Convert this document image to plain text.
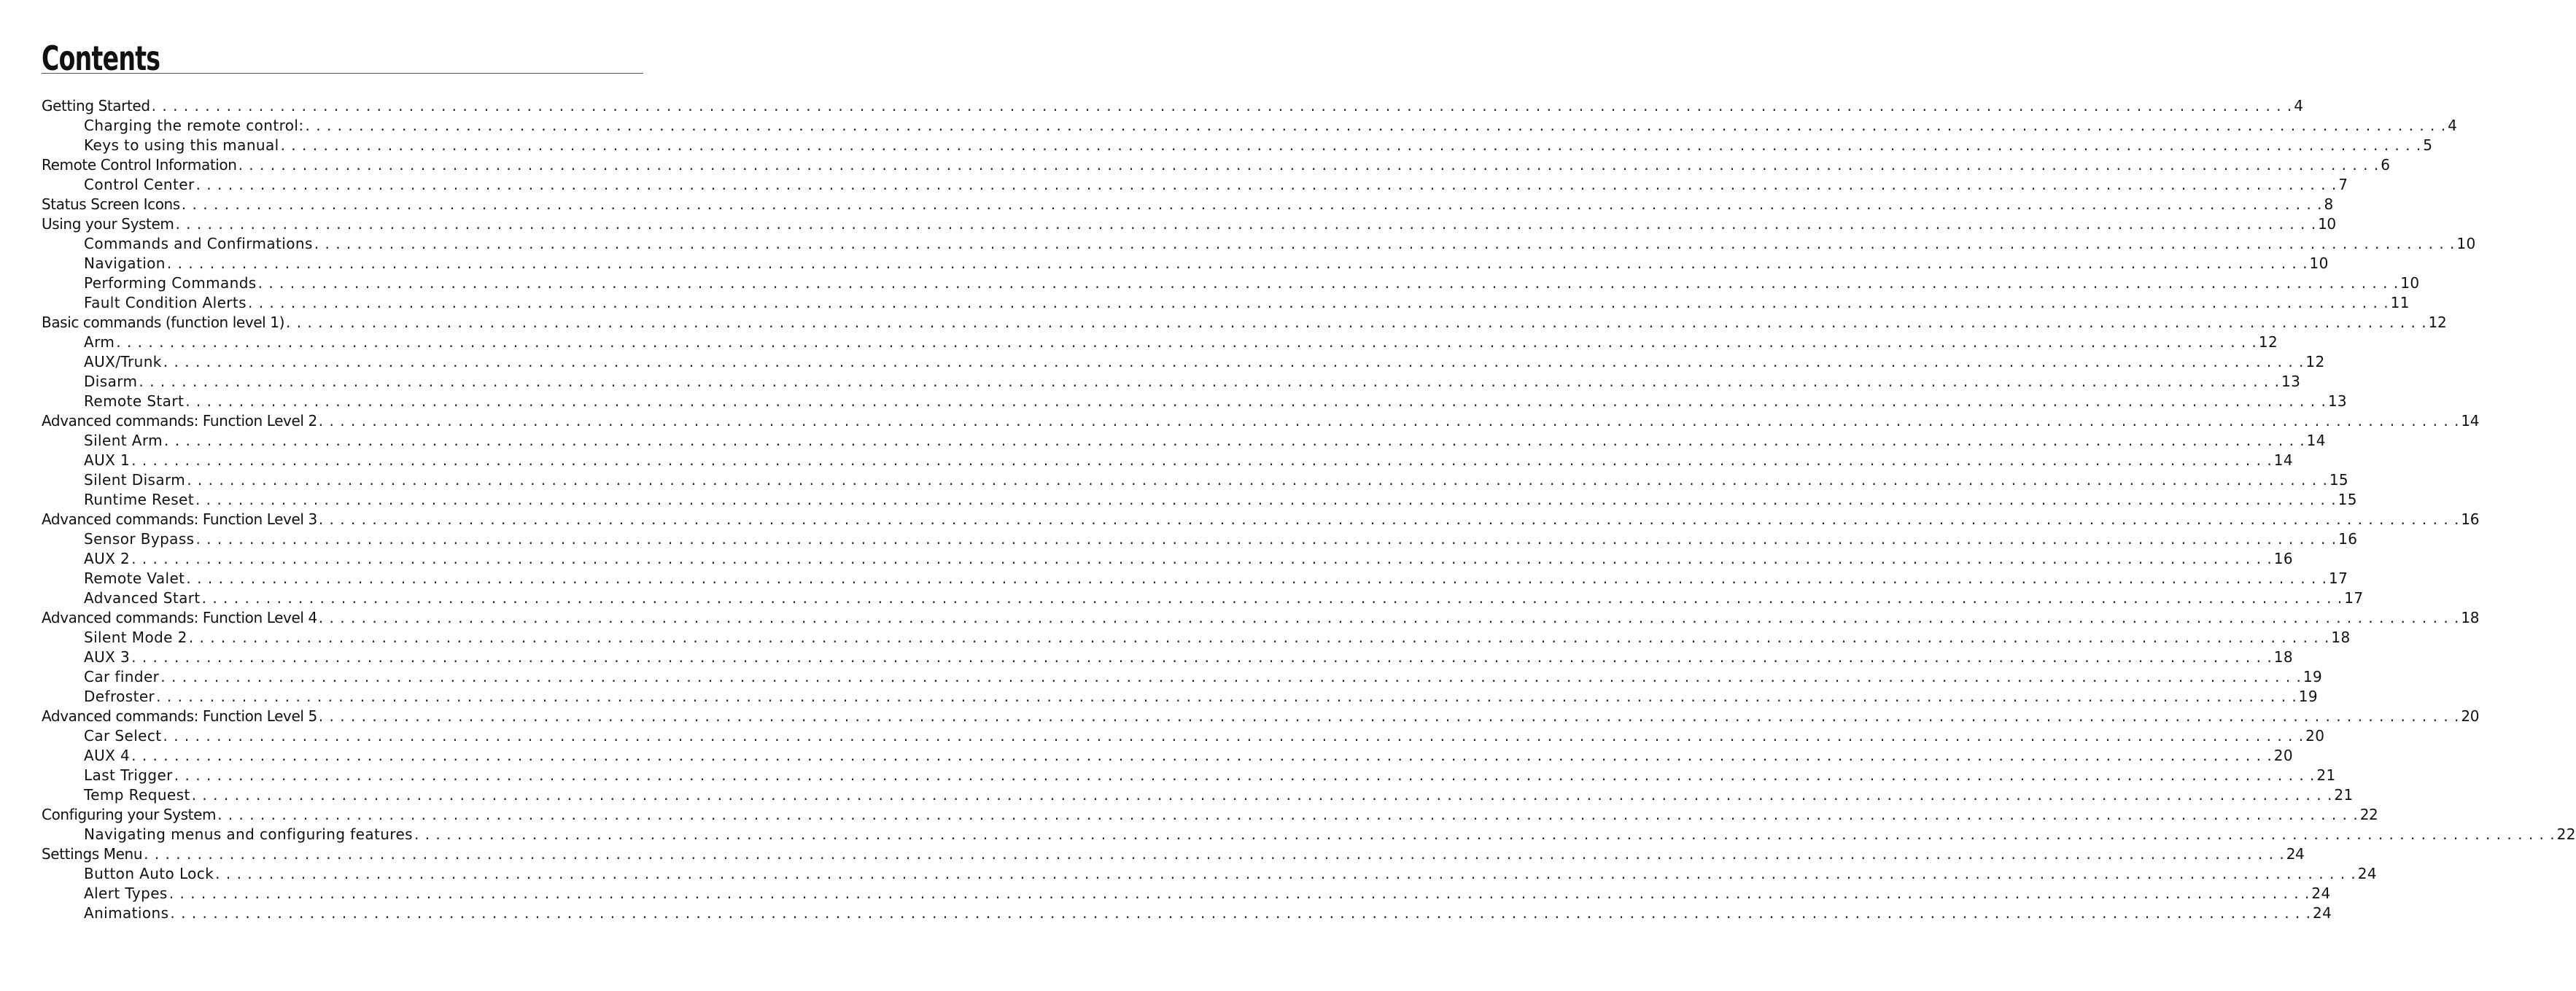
Contents
Getting Started . . . . . . . . . . . . . . . . . . . . . . . . . . . . . . . . . . . . . . . . . . . . . . . . . . . . . . . . . . . . . . . . . . . . . . . . . . . . . . . . . . . . . . . . . . . . . . . . . . . . . . . . . . . . . . . . . . . . . . . . . . . . . . . . . . . . . . . . . . . . . . . . . . . . . . . . . . . . . . . . . . . . . . . . . . . . . . . . . . . . . . . . . . . . . . . . . . . . . . . . 4
Charging the remote control: . . . . . . . . . . . . . . . . . . . . . . . . . . . . . . . . . . . . . . . . . . . . . . . . . . . . . . . . . . . . . . . . . . . . . . . . . . . . . . . . . . . . . . . . . . . . . . . . . . . . . . . . . . . . . . . . . . . . . . . . . . . . . . . . . . . . . . . . . . . . . . . . . . . . . . . . . . . . . . . . . . . . . . . . . . . . . . . . . . . . . . . . . . . . . . . . . . . . . . . . 4
Keys to using this manual . . . . . . . . . . . . . . . . . . . . . . . . . . . . . . . . . . . . . . . . . . . . . . . . . . . . . . . . . . . . . . . . . . . . . . . . . . . . . . . . . . . . . . . . . . . . . . . . . . . . . . . . . . . . . . . . . . . . . . . . . . . . . . . . . . . . . . . . . . . . . . . . . . . . . . . . . . . . . . . . . . . . . . . . . . . . . . . . . . . . . . . . . . . . . . . . . . . . . . . . 5
Remote Control Information . . . . . . . . . . . . . . . . . . . . . . . . . . . . . . . . . . . . . . . . . . . . . . . . . . . . . . . . . . . . . . . . . . . . . . . . . . . . . . . . . . . . . . . . . . . . . . . . . . . . . . . . . . . . . . . . . . . . . . . . . . . . . . . . . . . . . . . . . . . . . . . . . . . . . . . . . . . . . . . . . . . . . . . . . . . . . . . . . . . . . . . . . . . . . . . . . . . . . . . . 6
Control Center . . . . . . . . . . . . . . . . . . . . . . . . . . . . . . . . . . . . . . . . . . . . . . . . . . . . . . . . . . . . . . . . . . . . . . . . . . . . . . . . . . . . . . . . . . . . . . . . . . . . . . . . . . . . . . . . . . . . . . . . . . . . . . . . . . . . . . . . . . . . . . . . . . . . . . . . . . . . . . . . . . . . . . . . . . . . . . . . . . . . . . . . . . . . . . . . . . . . . . . . 7
Status Screen Icons . . . . . . . . . . . . . . . . . . . . . . . . . . . . . . . . . . . . . . . . . . . . . . . . . . . . . . . . . . . . . . . . . . . . . . . . . . . . . . . . . . . . . . . . . . . . . . . . . . . . . . . . . . . . . . . . . . . . . . . . . . . . . . . . . . . . . . . . . . . . . . . . . . . . . . . . . . . . . . . . . . . . . . . . . . . . . . . . . . . . . . . . . . . . . . . . . . . . . . . . 8
Using your System . . . . . . . . . . . . . . . . . . . . . . . . . . . . . . . . . . . . . . . . . . . . . . . . . . . . . . . . . . . . . . . . . . . . . . . . . . . . . . . . . . . . . . . . . . . . . . . . . . . . . . . . . . . . . . . . . . . . . . . . . . . . . . . . . . . . . . . . . . . . . . . . . . . . . . . . . . . . . . . . . . . . . . . . . . . . . . . . . . . . . . . . . . . . . . . . . . . . . . . . 10
Commands and Confirmations . . . . . . . . . . . . . . . . . . . . . . . . . . . . . . . . . . . . . . . . . . . . . . . . . . . . . . . . . . . . . . . . . . . . . . . . . . . . . . . . . . . . . . . . . . . . . . . . . . . . . . . . . . . . . . . . . . . . . . . . . . . . . . . . . . . . . . . . . . . . . . . . . . . . . . . . . . . . . . . . . . . . . . . . . . . . . . . . . . . . . . . . . . . . . . . . . . . . . . . . 10
Navigation . . . . . . . . . . . . . . . . . . . . . . . . . . . . . . . . . . . . . . . . . . . . . . . . . . . . . . . . . . . . . . . . . . . . . . . . . . . . . . . . . . . . . . . . . . . . . . . . . . . . . . . . . . . . . . . . . . . . . . . . . . . . . . . . . . . . . . . . . . . . . . . . . . . . . . . . . . . . . . . . . . . . . . . . . . . . . . . . . . . . . . . . . . . . . . . . . . . . . . . . 10
Performing Commands . . . . . . . . . . . . . . . . . . . . . . . . . . . . . . . . . . . . . . . . . . . . . . . . . . . . . . . . . . . . . . . . . . . . . . . . . . . . . . . . . . . . . . . . . . . . . . . . . . . . . . . . . . . . . . . . . . . . . . . . . . . . . . . . . . . . . . . . . . . . . . . . . . . . . . . . . . . . . . . . . . . . . . . . . . . . . . . . . . . . . . . . . . . . . . . . . . . . . . . . 10
Fault Condition Alerts . . . . . . . . . . . . . . . . . . . . . . . . . . . . . . . . . . . . . . . . . . . . . . . . . . . . . . . . . . . . . . . . . . . . . . . . . . . . . . . . . . . . . . . . . . . . . . . . . . . . . . . . . . . . . . . . . . . . . . . . . . . . . . . . . . . . . . . . . . . . . . . . . . . . . . . . . . . . . . . . . . . . . . . . . . . . . . . . . . . . . . . . . . . . . . . . . . . . . . . . 11
Basic commands (function level 1) . . . . . . . . . . . . . . . . . . . . . . . . . . . . . . . . . . . . . . . . . . . . . . . . . . . . . . . . . . . . . . . . . . . . . . . . . . . . . . . . . . . . . . . . . . . . . . . . . . . . . . . . . . . . . . . . . . . . . . . . . . . . . . . . . . . . . . . . . . . . . . . . . . . . . . . . . . . . . . . . . . . . . . . . . . . . . . . . . . . . . . . . . . . . . . . . . . . . . . . . 12
Arm . . . . . . . . . . . . . . . . . . . . . . . . . . . . . . . . . . . . . . . . . . . . . . . . . . . . . . . . . . . . . . . . . . . . . . . . . . . . . . . . . . . . . . . . . . . . . . . . . . . . . . . . . . . . . . . . . . . . . . . . . . . . . . . . . . . . . . . . . . . . . . . . . . . . . . . . . . . . . . . . . . . . . . . . . . . . . . . . . . . . . . . . . . . . . . . . . . . . . . . . 12
AUX/Trunk . . . . . . . . . . . . . . . . . . . . . . . . . . . . . . . . . . . . . . . . . . . . . . . . . . . . . . . . . . . . . . . . . . . . . . . . . . . . . . . . . . . . . . . . . . . . . . . . . . . . . . . . . . . . . . . . . . . . . . . . . . . . . . . . . . . . . . . . . . . . . . . . . . . . . . . . . . . . . . . . . . . . . . . . . . . . . . . . . . . . . . . . . . . . . . . . . . . . . . . . 12
Disarm . . . . . . . . . . . . . . . . . . . . . . . . . . . . . . . . . . . . . . . . . . . . . . . . . . . . . . . . . . . . . . . . . . . . . . . . . . . . . . . . . . . . . . . . . . . . . . . . . . . . . . . . . . . . . . . . . . . . . . . . . . . . . . . . . . . . . . . . . . . . . . . . . . . . . . . . . . . . . . . . . . . . . . . . . . . . . . . . . . . . . . . . . . . . . . . . . . . . . . . . 13
Remote Start . . . . . . . . . . . . . . . . . . . . . . . . . . . . . . . . . . . . . . . . . . . . . . . . . . . . . . . . . . . . . . . . . . . . . . . . . . . . . . . . . . . . . . . . . . . . . . . . . . . . . . . . . . . . . . . . . . . . . . . . . . . . . . . . . . . . . . . . . . . . . . . . . . . . . . . . . . . . . . . . . . . . . . . . . . . . . . . . . . . . . . . . . . . . . . . . . . . . . . . . 13
Advanced commands: Function Level 2 . . . . . . . . . . . . . . . . . . . . . . . . . . . . . . . . . . . . . . . . . . . . . . . . . . . . . . . . . . . . . . . . . . . . . . . . . . . . . . . . . . . . . . . . . . . . . . . . . . . . . . . . . . . . . . . . . . . . . . . . . . . . . . . . . . . . . . . . . . . . . . . . . . . . . . . . . . . . . . . . . . . . . . . . . . . . . . . . . . . . . . . . . . . . . . . . . . . . . . . . 14
Silent Arm . . . . . . . . . . . . . . . . . . . . . . . . . . . . . . . . . . . . . . . . . . . . . . . . . . . . . . . . . . . . . . . . . . . . . . . . . . . . . . . . . . . . . . . . . . . . . . . . . . . . . . . . . . . . . . . . . . . . . . . . . . . . . . . . . . . . . . . . . . . . . . . . . . . . . . . . . . . . . . . . . . . . . . . . . . . . . . . . . . . . . . . . . . . . . . . . . . . . . . . . 14
AUX 1 . . . . . . . . . . . . . . . . . . . . . . . . . . . . . . . . . . . . . . . . . . . . . . . . . . . . . . . . . . . . . . . . . . . . . . . . . . . . . . . . . . . . . . . . . . . . . . . . . . . . . . . . . . . . . . . . . . . . . . . . . . . . . . . . . . . . . . . . . . . . . . . . . . . . . . . . . . . . . . . . . . . . . . . . . . . . . . . . . . . . . . . . . . . . . . . . . . . . . . . . 14
Silent Disarm . . . . . . . . . . . . . . . . . . . . . . . . . . . . . . . . . . . . . . . . . . . . . . . . . . . . . . . . . . . . . . . . . . . . . . . . . . . . . . . . . . . . . . . . . . . . . . . . . . . . . . . . . . . . . . . . . . . . . . . . . . . . . . . . . . . . . . . . . . . . . . . . . . . . . . . . . . . . . . . . . . . . . . . . . . . . . . . . . . . . . . . . . . . . . . . . . . . . . . . . 15
Runtime Reset . . . . . . . . . . . . . . . . . . . . . . . . . . . . . . . . . . . . . . . . . . . . . . . . . . . . . . . . . . . . . . . . . . . . . . . . . . . . . . . . . . . . . . . . . . . . . . . . . . . . . . . . . . . . . . . . . . . . . . . . . . . . . . . . . . . . . . . . . . . . . . . . . . . . . . . . . . . . . . . . . . . . . . . . . . . . . . . . . . . . . . . . . . . . . . . . . . . . . . . . 15
Advanced commands: Function Level 3 . . . . . . . . . . . . . . . . . . . . . . . . . . . . . . . . . . . . . . . . . . . . . . . . . . . . . . . . . . . . . . . . . . . . . . . . . . . . . . . . . . . . . . . . . . . . . . . . . . . . . . . . . . . . . . . . . . . . . . . . . . . . . . . . . . . . . . . . . . . . . . . . . . . . . . . . . . . . . . . . . . . . . . . . . . . . . . . . . . . . . . . . . . . . . . . . . . . . . . . . 16
Sensor Bypass . . . . . . . . . . . . . . . . . . . . . . . . . . . . . . . . . . . . . . . . . . . . . . . . . . . . . . . . . . . . . . . . . . . . . . . . . . . . . . . . . . . . . . . . . . . . . . . . . . . . . . . . . . . . . . . . . . . . . . . . . . . . . . . . . . . . . . . . . . . . . . . . . . . . . . . . . . . . . . . . . . . . . . . . . . . . . . . . . . . . . . . . . . . . . . . . . . . . . . . . 16
AUX 2 . . . . . . . . . . . . . . . . . . . . . . . . . . . . . . . . . . . . . . . . . . . . . . . . . . . . . . . . . . . . . . . . . . . . . . . . . . . . . . . . . . . . . . . . . . . . . . . . . . . . . . . . . . . . . . . . . . . . . . . . . . . . . . . . . . . . . . . . . . . . . . . . . . . . . . . . . . . . . . . . . . . . . . . . . . . . . . . . . . . . . . . . . . . . . . . . . . . . . . . . 16
Remote Valet . . . . . . . . . . . . . . . . . . . . . . . . . . . . . . . . . . . . . . . . . . . . . . . . . . . . . . . . . . . . . . . . . . . . . . . . . . . . . . . . . . . . . . . . . . . . . . . . . . . . . . . . . . . . . . . . . . . . . . . . . . . . . . . . . . . . . . . . . . . . . . . . . . . . . . . . . . . . . . . . . . . . . . . . . . . . . . . . . . . . . . . . . . . . . . . . . . . . . . . . 17
Advanced Start . . . . . . . . . . . . . . . . . . . . . . . . . . . . . . . . . . . . . . . . . . . . . . . . . . . . . . . . . . . . . . . . . . . . . . . . . . . . . . . . . . . . . . . . . . . . . . . . . . . . . . . . . . . . . . . . . . . . . . . . . . . . . . . . . . . . . . . . . . . . . . . . . . . . . . . . . . . . . . . . . . . . . . . . . . . . . . . . . . . . . . . . . . . . . . . . . . . . . . . . 17
Advanced commands: Function Level 4 . . . . . . . . . . . . . . . . . . . . . . . . . . . . . . . . . . . . . . . . . . . . . . . . . . . . . . . . . . . . . . . . . . . . . . . . . . . . . . . . . . . . . . . . . . . . . . . . . . . . . . . . . . . . . . . . . . . . . . . . . . . . . . . . . . . . . . . . . . . . . . . . . . . . . . . . . . . . . . . . . . . . . . . . . . . . . . . . . . . . . . . . . . . . . . . . . . . . . . . . 18
Silent Mode 2 . . . . . . . . . . . . . . . . . . . . . . . . . . . . . . . . . . . . . . . . . . . . . . . . . . . . . . . . . . . . . . . . . . . . . . . . . . . . . . . . . . . . . . . . . . . . . . . . . . . . . . . . . . . . . . . . . . . . . . . . . . . . . . . . . . . . . . . . . . . . . . . . . . . . . . . . . . . . . . . . . . . . . . . . . . . . . . . . . . . . . . . . . . . . . . . . . . . . . . . . 18
AUX 3 . . . . . . . . . . . . . . . . . . . . . . . . . . . . . . . . . . . . . . . . . . . . . . . . . . . . . . . . . . . . . . . . . . . . . . . . . . . . . . . . . . . . . . . . . . . . . . . . . . . . . . . . . . . . . . . . . . . . . . . . . . . . . . . . . . . . . . . . . . . . . . . . . . . . . . . . . . . . . . . . . . . . . . . . . . . . . . . . . . . . . . . . . . . . . . . . . . . . . . . . 18
Car finder . . . . . . . . . . . . . . . . . . . . . . . . . . . . . . . . . . . . . . . . . . . . . . . . . . . . . . . . . . . . . . . . . . . . . . . . . . . . . . . . . . . . . . . . . . . . . . . . . . . . . . . . . . . . . . . . . . . . . . . . . . . . . . . . . . . . . . . . . . . . . . . . . . . . . . . . . . . . . . . . . . . . . . . . . . . . . . . . . . . . . . . . . . . . . . . . . . . . . . . . 19
Defroster . . . . . . . . . . . . . . . . . . . . . . . . . . . . . . . . . . . . . . . . . . . . . . . . . . . . . . . . . . . . . . . . . . . . . . . . . . . . . . . . . . . . . . . . . . . . . . . . . . . . . . . . . . . . . . . . . . . . . . . . . . . . . . . . . . . . . . . . . . . . . . . . . . . . . . . . . . . . . . . . . . . . . . . . . . . . . . . . . . . . . . . . . . . . . . . . . . . . . . . . 19
Advanced commands: Function Level 5 . . . . . . . . . . . . . . . . . . . . . . . . . . . . . . . . . . . . . . . . . . . . . . . . . . . . . . . . . . . . . . . . . . . . . . . . . . . . . . . . . . . . . . . . . . . . . . . . . . . . . . . . . . . . . . . . . . . . . . . . . . . . . . . . . . . . . . . . . . . . . . . . . . . . . . . . . . . . . . . . . . . . . . . . . . . . . . . . . . . . . . . . . . . . . . . . . . . . . . . . 20
Car Select . . . . . . . . . . . . . . . . . . . . . . . . . . . . . . . . . . . . . . . . . . . . . . . . . . . . . . . . . . . . . . . . . . . . . . . . . . . . . . . . . . . . . . . . . . . . . . . . . . . . . . . . . . . . . . . . . . . . . . . . . . . . . . . . . . . . . . . . . . . . . . . . . . . . . . . . . . . . . . . . . . . . . . . . . . . . . . . . . . . . . . . . . . . . . . . . . . . . . . . . 20
AUX 4 . . . . . . . . . . . . . . . . . . . . . . . . . . . . . . . . . . . . . . . . . . . . . . . . . . . . . . . . . . . . . . . . . . . . . . . . . . . . . . . . . . . . . . . . . . . . . . . . . . . . . . . . . . . . . . . . . . . . . . . . . . . . . . . . . . . . . . . . . . . . . . . . . . . . . . . . . . . . . . . . . . . . . . . . . . . . . . . . . . . . . . . . . . . . . . . . . . . . . . . . 20
Last Trigger . . . . . . . . . . . . . . . . . . . . . . . . . . . . . . . . . . . . . . . . . . . . . . . . . . . . . . . . . . . . . . . . . . . . . . . . . . . . . . . . . . . . . . . . . . . . . . . . . . . . . . . . . . . . . . . . . . . . . . . . . . . . . . . . . . . . . . . . . . . . . . . . . . . . . . . . . . . . . . . . . . . . . . . . . . . . . . . . . . . . . . . . . . . . . . . . . . . . . . . . 21
Temp Request . . . . . . . . . . . . . . . . . . . . . . . . . . . . . . . . . . . . . . . . . . . . . . . . . . . . . . . . . . . . . . . . . . . . . . . . . . . . . . . . . . . . . . . . . . . . . . . . . . . . . . . . . . . . . . . . . . . . . . . . . . . . . . . . . . . . . . . . . . . . . . . . . . . . . . . . . . . . . . . . . . . . . . . . . . . . . . . . . . . . . . . . . . . . . . . . . . . . . . . . 21
Configuring your System . . . . . . . . . . . . . . . . . . . . . . . . . . . . . . . . . . . . . . . . . . . . . . . . . . . . . . . . . . . . . . . . . . . . . . . . . . . . . . . . . . . . . . . . . . . . . . . . . . . . . . . . . . . . . . . . . . . . . . . . . . . . . . . . . . . . . . . . . . . . . . . . . . . . . . . . . . . . . . . . . . . . . . . . . . . . . . . . . . . . . . . . . . . . . . . . . . . . . . . . 22
Navigating menus and configuring features . . . . . . . . . . . . . . . . . . . . . . . . . . . . . . . . . . . . . . . . . . . . . . . . . . . . . . . . . . . . . . . . . . . . . . . . . . . . . . . . . . . . . . . . . . . . . . . . . . . . . . . . . . . . . . . . . . . . . . . . . . . . . . . . . . . . . . . . . . . . . . . . . . . . . . . . . . . . . . . . . . . . . . . . . . . . . . . . . . . . . . . . . . . . . . . . . . . . . . . . 22
Settings Menu . . . . . . . . . . . . . . . . . . . . . . . . . . . . . . . . . . . . . . . . . . . . . . . . . . . . . . . . . . . . . . . . . . . . . . . . . . . . . . . . . . . . . . . . . . . . . . . . . . . . . . . . . . . . . . . . . . . . . . . . . . . . . . . . . . . . . . . . . . . . . . . . . . . . . . . . . . . . . . . . . . . . . . . . . . . . . . . . . . . . . . . . . . . . . . . . . . . . . . . . 24
Button Auto Lock . . . . . . . . . . . . . . . . . . . . . . . . . . . . . . . . . . . . . . . . . . . . . . . . . . . . . . . . . . . . . . . . . . . . . . . . . . . . . . . . . . . . . . . . . . . . . . . . . . . . . . . . . . . . . . . . . . . . . . . . . . . . . . . . . . . . . . . . . . . . . . . . . . . . . . . . . . . . . . . . . . . . . . . . . . . . . . . . . . . . . . . . . . . . . . . . . . . . . . . . 24
Alert Types . . . . . . . . . . . . . . . . . . . . . . . . . . . . . . . . . . . . . . . . . . . . . . . . . . . . . . . . . . . . . . . . . . . . . . . . . . . . . . . . . . . . . . . . . . . . . . . . . . . . . . . . . . . . . . . . . . . . . . . . . . . . . . . . . . . . . . . . . . . . . . . . . . . . . . . . . . . . . . . . . . . . . . . . . . . . . . . . . . . . . . . . . . . . . . . . . . . . . . . . 24
Animations . . . . . . . . . . . . . . . . . . . . . . . . . . . . . . . . . . . . . . . . . . . . . . . . . . . . . . . . . . . . . . . . . . . . . . . . . . . . . . . . . . . . . . . . . . . . . . . . . . . . . . . . . . . . . . . . . . . . . . . . . . . . . . . . . . . . . . . . . . . . . . . . . . . . . . . . . . . . . . . . . . . . . . . . . . . . . . . . . . . . . . . . . . . . . . . . . . . . . . . . 24
